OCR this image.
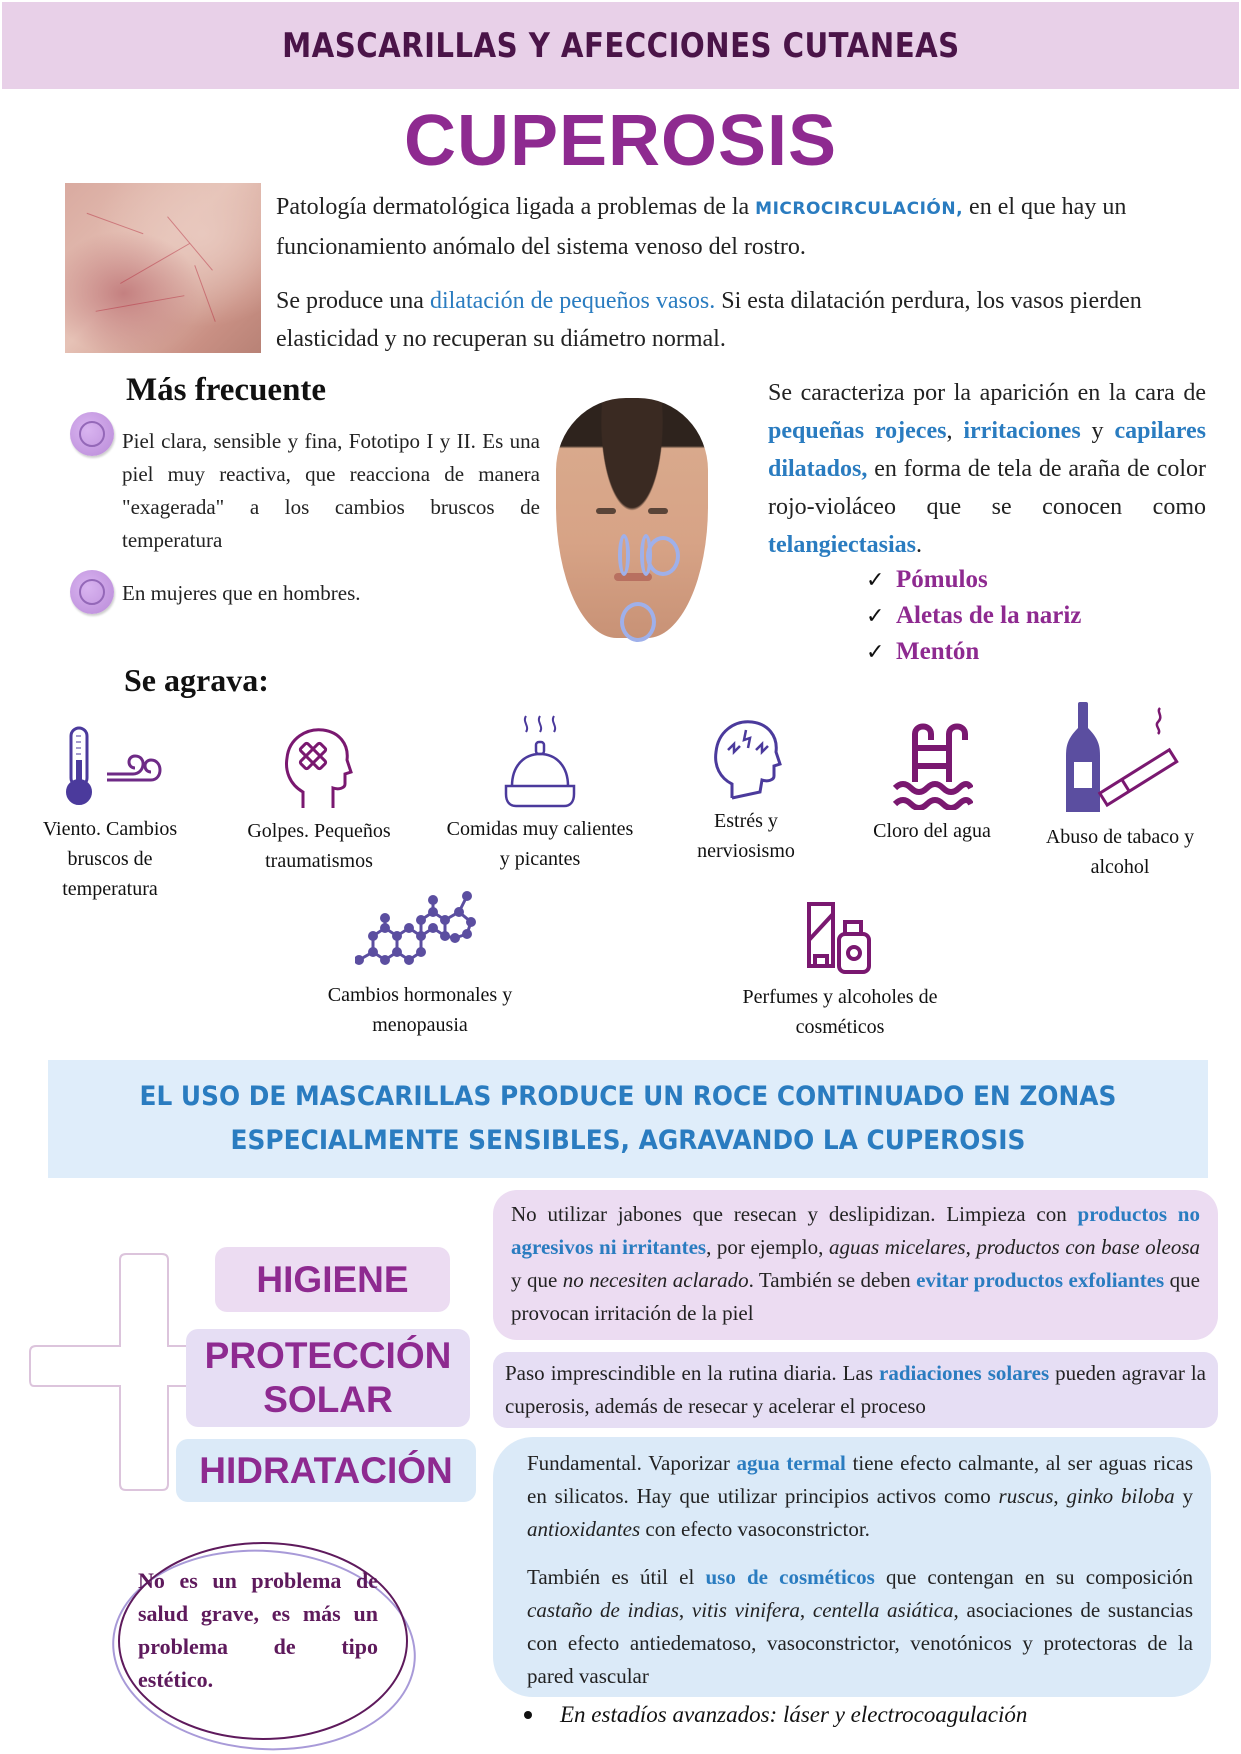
MASCARILLAS Y AFECCIONES CUTANEAS
CUPEROSIS

Patología dermatológica ligada a problemas de la MICROCIRCULACIÓN, en el que hay un funcionamiento anómalo del sistema venoso del rostro.

Se produce una dilatación de pequeños vasos. Si esta dilatación perdura, los vasos pierden elasticidad y no recuperan su diámetro normal.

Más frecuente
Piel clara, sensible y fina, Fototipo I y II. Es una piel muy reactiva, que reacciona de manera "exagerada" a los cambios bruscos de temperatura
En mujeres que en hombres.
Se caracteriza por la aparición en la cara de pequeñas rojeces, irritaciones y capilares dilatados, en forma de tela de araña de color rojo-violáceo que se conocen como telangiectasias.
✓ Pómulos
✓ Aletas de la nariz
✓ Mentón
Se agrava:
Viento. Cambios bruscos de temperatura
Golpes. Pequeños traumatismos
Comidas muy calientes y picantes
Estrés y nerviosismo
Cloro del agua	Abuso de tabaco y alcohol
Cambios hormonales y menopausia
Perfumes y alcoholes de cosméticos
EL USO DE MASCARILLAS PRODUCE UN ROCE CONTINUADO EN ZONAS
ESPECIALMENTE SENSIBLES, AGRAVANDO LA CUPEROSIS
HIGIENE
PROTECCIÓN SOLAR
HIDRATACIÓN
No utilizar jabones que resecan y deslipidizan. Limpieza con productos no agresivos ni irritantes, por ejemplo, aguas micelares, productos con base oleosa y que no necesiten aclarado. También se deben evitar productos exfoliantes que provocan irritación de la piel
Paso imprescindible en la rutina diaria. Las radiaciones solares pueden agravar la cuperosis, además de resecar y acelerar el proceso

Fundamental. Vaporizar agua termal tiene efecto calmante, al ser aguas ricas en silicatos. Hay que utilizar principios activos como ruscus, ginko biloba y antioxidantes con efecto vasoconstrictor.

También es útil el uso de cosméticos que contengan en su composición castaño de indias, vitis vinifera, centella asiática, asociaciones de sustancias con efecto antiedematoso, vasoconstrictor, venotónicos y protectoras de la pared vascular

En estadíos avanzados: láser y electrocoagulación
No es un problema de salud grave, es más un problema de tipo estético.
